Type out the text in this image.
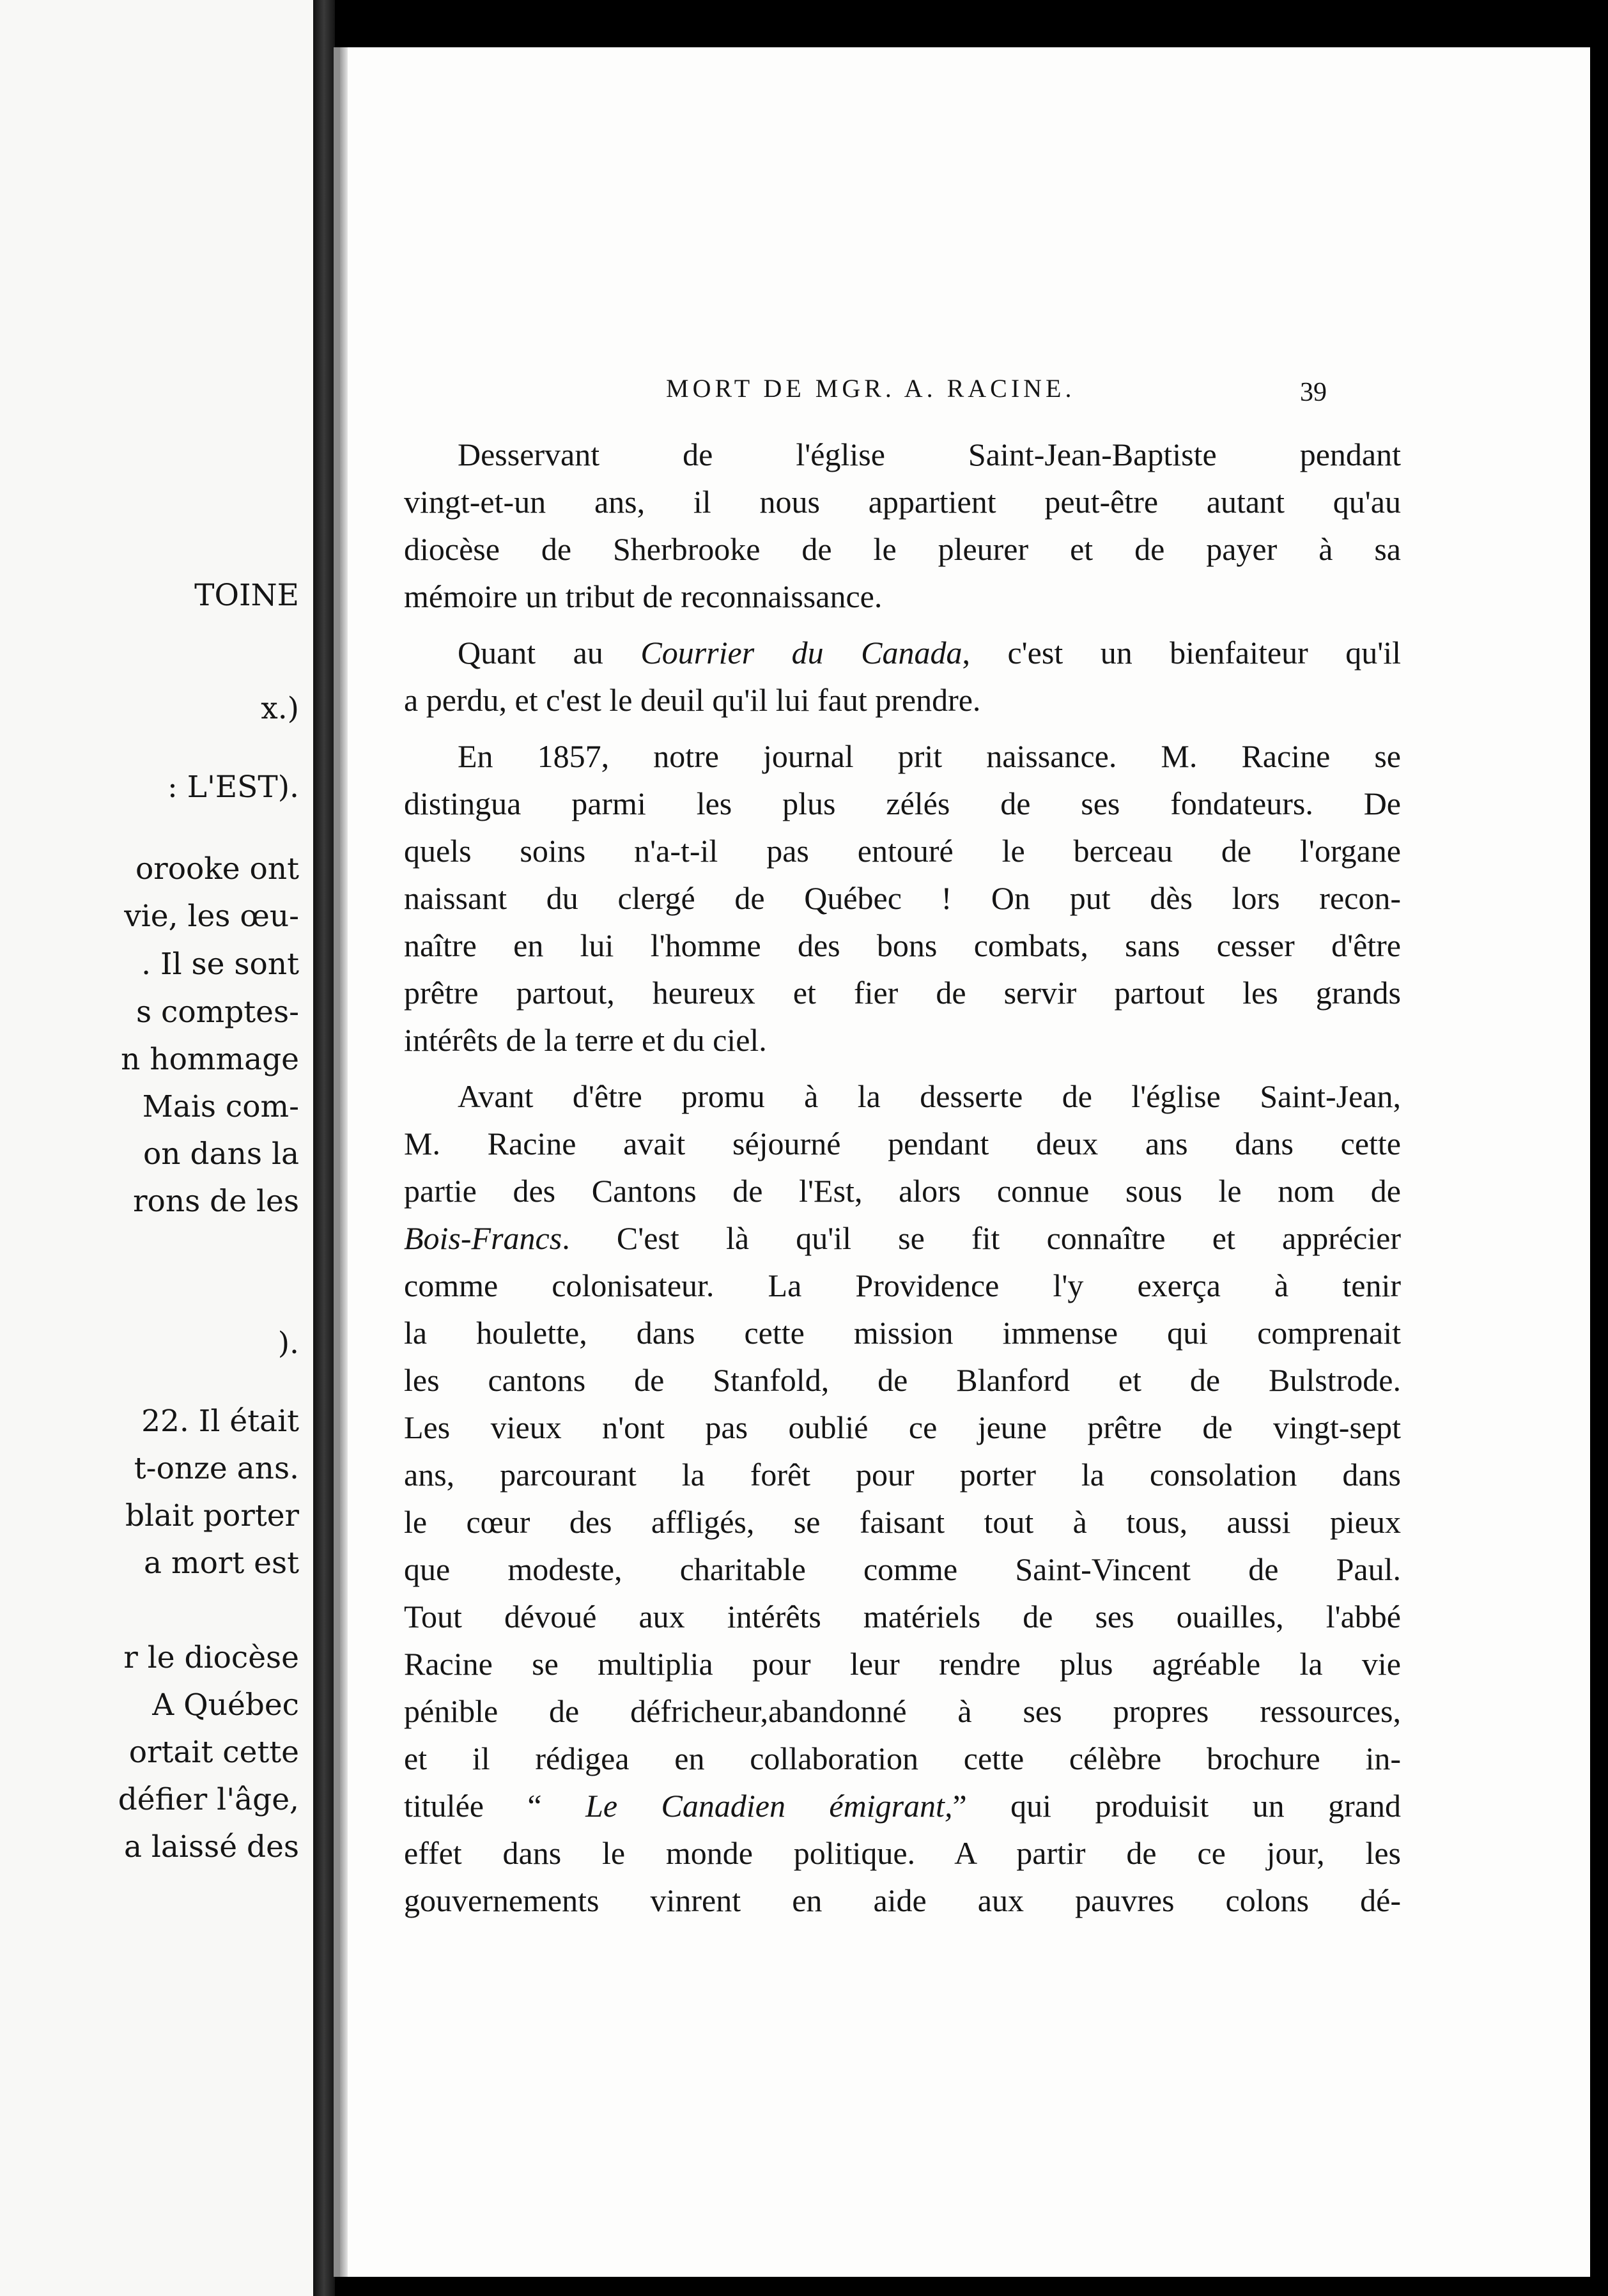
TOINE
x.)
: L'EST).
orooke ont
vie, les œu-
. Il se sont
s comptes-
n hommage
Mais com-
on dans la
rons de les
).
22. Il était
t-onze ans.
blait porter
a mort est
r le diocèse
A Québec
ortait cette
défier l'âge,
a laissé des
MORT DE MGR. A. RACINE.	39
Desservant de l'église Saint-Jean-Baptiste pendant
vingt-et-un ans, il nous appartient peut-être autant qu'au
diocèse de Sherbrooke de le pleurer et de payer à sa
mémoire un tribut de reconnaissance.
Quant au Courrier du Canada, c'est un bienfaiteur qu'il
a perdu, et c'est le deuil qu'il lui faut prendre.
En 1857, notre journal prit naissance. M. Racine se
distingua parmi les plus zélés de ses fondateurs. De
quels soins n'a-t-il pas entouré le berceau de l'organe
naissant du clergé de Québec ! On put dès lors recon-
naître en lui l'homme des bons combats, sans cesser d'être
prêtre partout, heureux et fier de servir partout les grands
intérêts de la terre et du ciel.
Avant d'être promu à la desserte de l'église Saint-Jean,
M. Racine avait séjourné pendant deux ans dans cette
partie des Cantons de l'Est, alors connue sous le nom de
Bois-Francs. C'est là qu'il se fit connaître et apprécier
comme colonisateur. La Providence l'y exerça à tenir
la houlette, dans cette mission immense qui comprenait
les cantons de Stanfold, de Blanford et de Bulstrode.
Les vieux n'ont pas oublié ce jeune prêtre de vingt-sept
ans, parcourant la forêt pour porter la consolation dans
le cœur des affligés, se faisant tout à tous, aussi pieux
que modeste, charitable comme Saint-Vincent de Paul.
Tout dévoué aux intérêts matériels de ses ouailles, l'abbé
Racine se multiplia pour leur rendre plus agréable la vie
pénible de défricheur,abandonné à ses propres ressources,
et il rédigea en collaboration cette célèbre brochure in-
titulée “ Le Canadien émigrant,” qui produisit un grand
effet dans le monde politique. A partir de ce jour, les
gouvernements vinrent en aide aux pauvres colons dé-
